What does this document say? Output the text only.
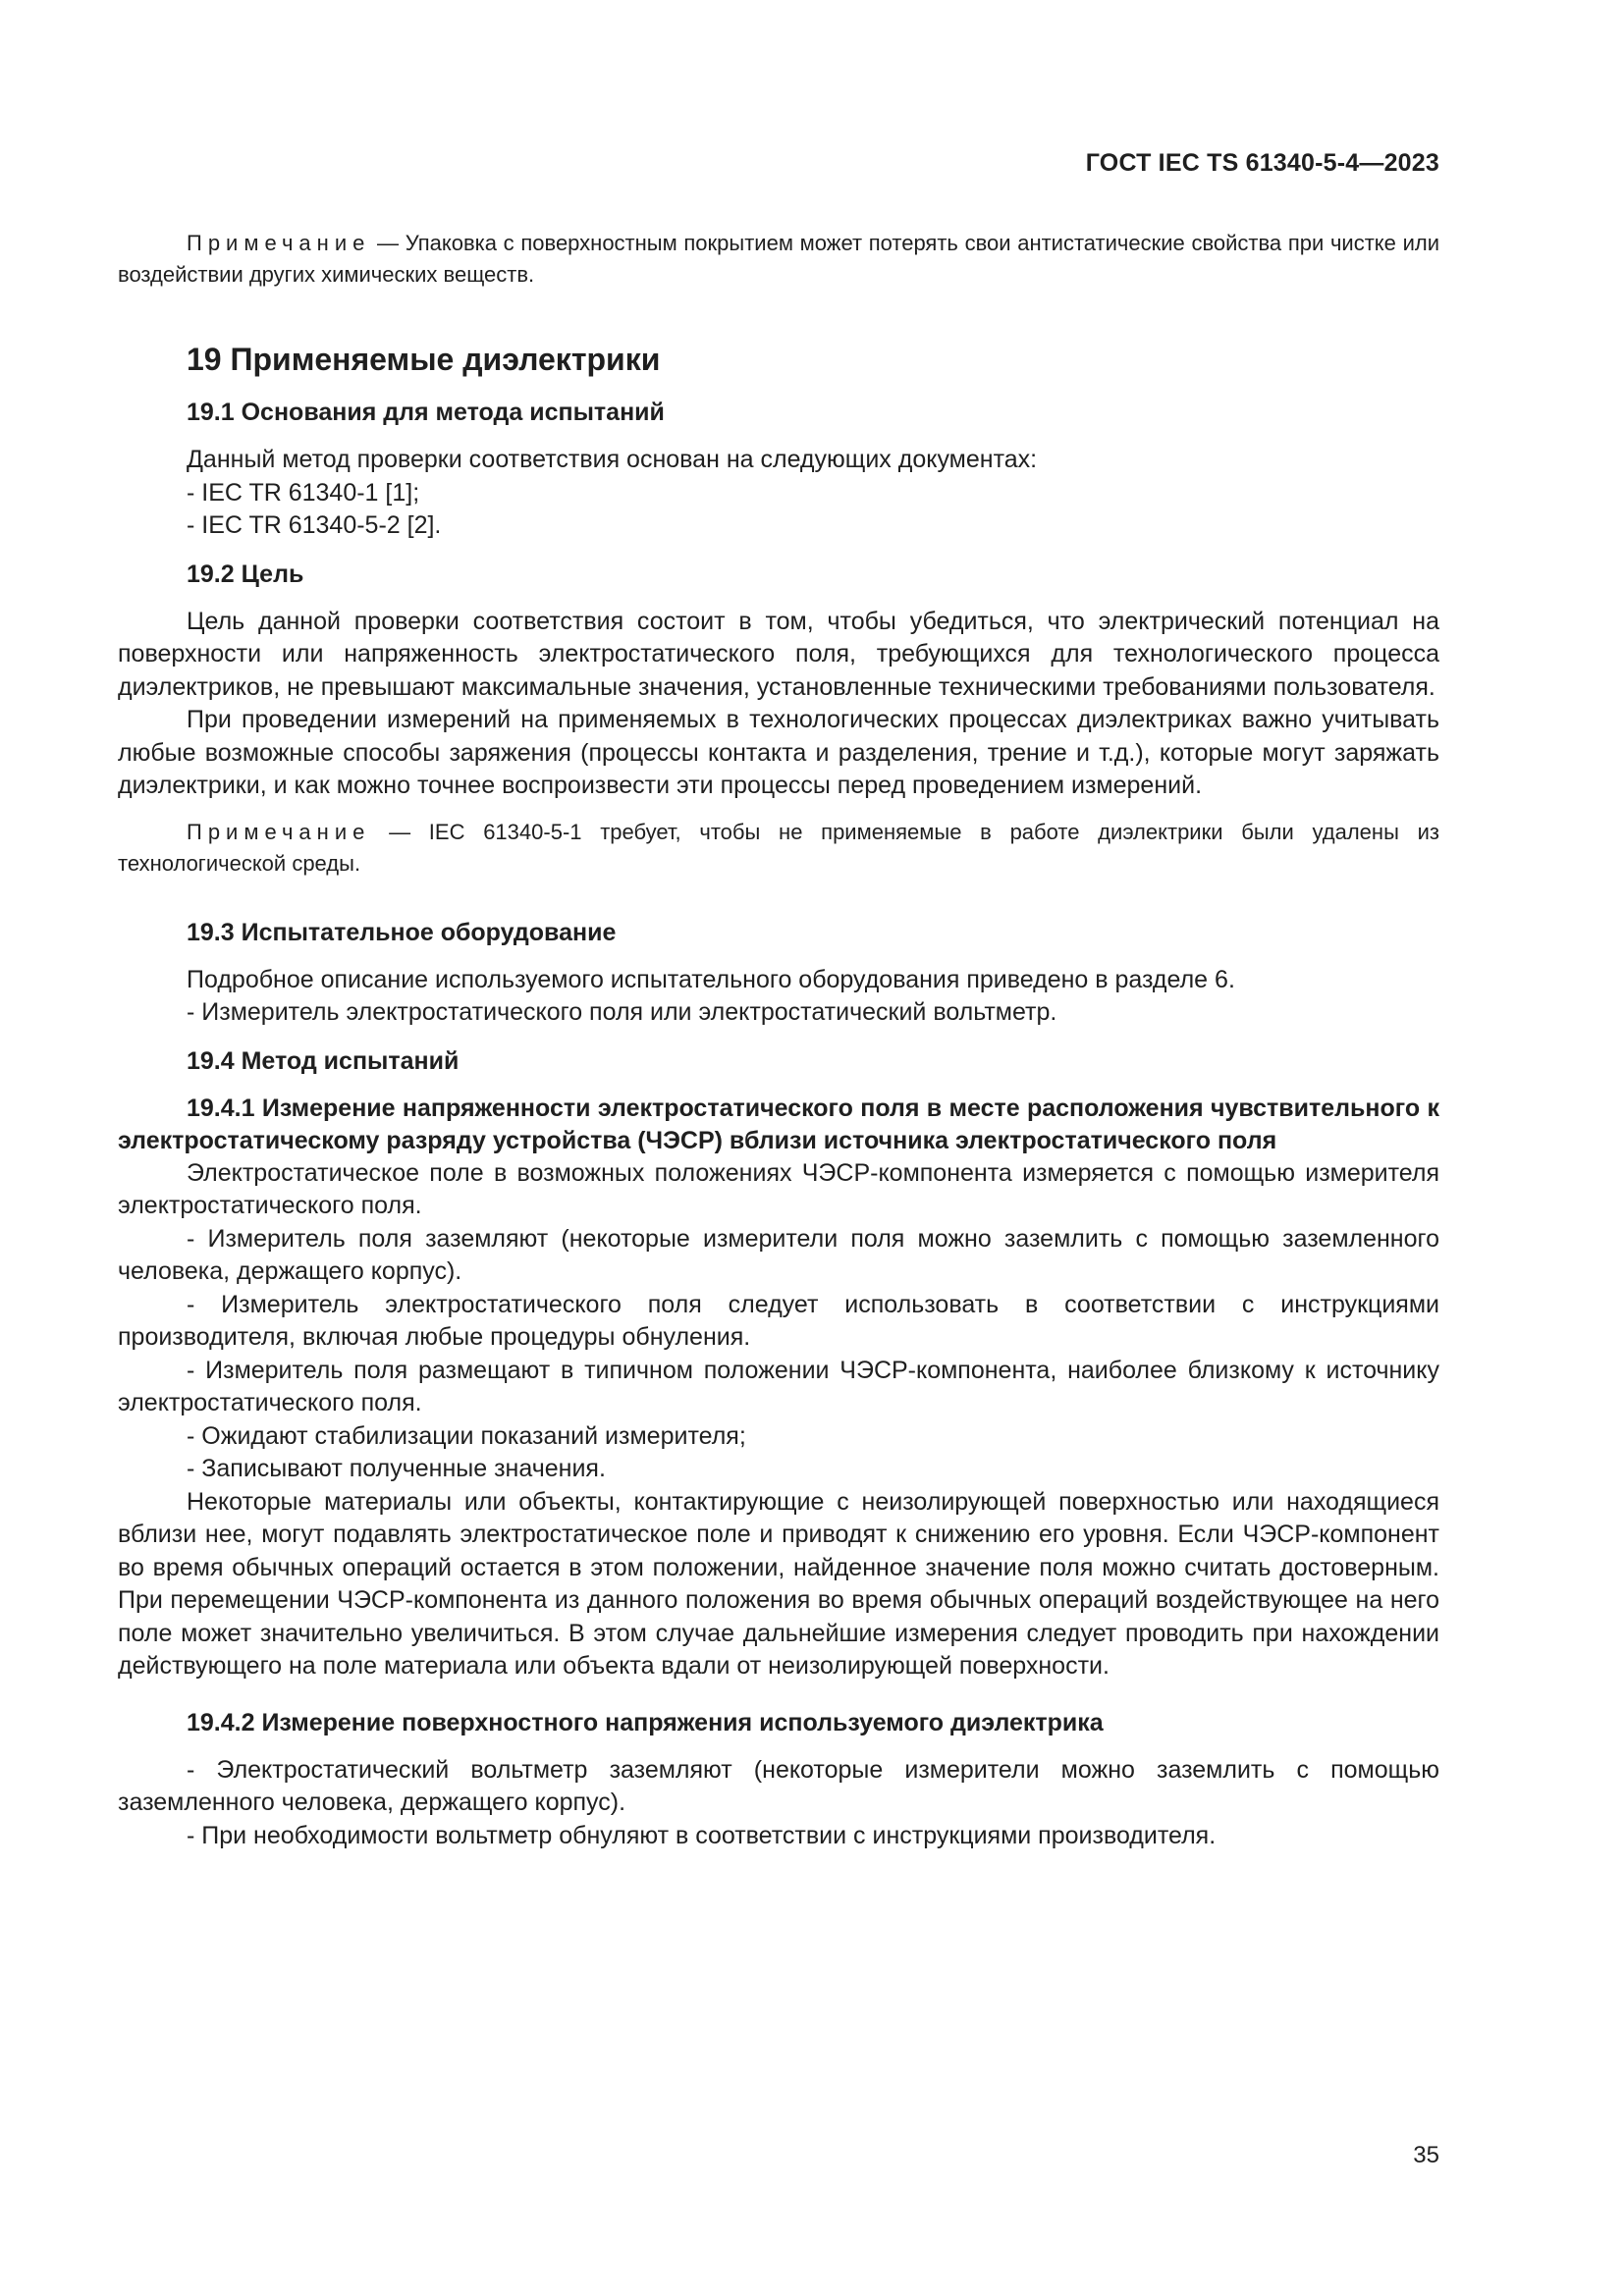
ГОСТ IEC TS 61340-5-4—2023

Примечание — Упаковка с поверхностным покрытием может потерять свои антистатические свойства при чистке или воздействии других химических веществ.

19 Применяемые диэлектрики
19.1 Основания для метода испытаний

Данный метод проверки соответствия основан на следующих документах:

- IEC TR 61340-1 [1];

- IEC TR 61340-5-2 [2].

19.2 Цель

Цель данной проверки соответствия состоит в том, чтобы убедиться, что электрический потенциал на поверхности или напряженность электростатического поля, требующихся для технологического процесса диэлектриков, не превышают максимальные значения, установленные техническими требованиями пользователя.

При проведении измерений на применяемых в технологических процессах диэлектриках важно учитывать любые возможные способы заряжения (процессы контакта и разделения, трение и т.д.), которые могут заряжать диэлектрики, и как можно точнее воспроизвести эти процессы перед проведением измерений.

Примечание — IEC 61340-5-1 требует, чтобы не применяемые в работе диэлектрики были удалены из технологической среды.

19.3 Испытательное оборудование

Подробное описание используемого испытательного оборудования приведено в разделе 6.

- Измеритель электростатического поля или электростатический вольтметр.

19.4 Метод испытаний
19.4.1 Измерение напряженности электростатического поля в месте расположения чувствительного к электростатическому разряду устройства (ЧЭСР) вблизи источника электростатического поля

Электростатическое поле в возможных положениях ЧЭСР-компонента измеряется с помощью измерителя электростатического поля.

- Измеритель поля заземляют (некоторые измерители поля можно заземлить с помощью заземленного человека, держащего корпус).

- Измеритель электростатического поля следует использовать в соответствии с инструкциями производителя, включая любые процедуры обнуления.

- Измеритель поля размещают в типичном положении ЧЭСР-компонента, наиболее близкому к источнику электростатического поля.

- Ожидают стабилизации показаний измерителя;

- Записывают полученные значения.

Некоторые материалы или объекты, контактирующие с неизолирующей поверхностью или находящиеся вблизи нее, могут подавлять электростатическое поле и приводят к снижению его уровня. Если ЧЭСР-компонент во время обычных операций остается в этом положении, найденное значение поля можно считать достоверным. При перемещении ЧЭСР-компонента из данного положения во время обычных операций воздействующее на него поле может значительно увеличиться. В этом случае дальнейшие измерения следует проводить при нахождении действующего на поле материала или объекта вдали от неизолирующей поверхности.

19.4.2 Измерение поверхностного напряжения используемого диэлектрика

- Электростатический вольтметр заземляют (некоторые измерители можно заземлить с помощью заземленного человека, держащего корпус).

- При необходимости вольтметр обнуляют в соответствии с инструкциями производителя.

35
